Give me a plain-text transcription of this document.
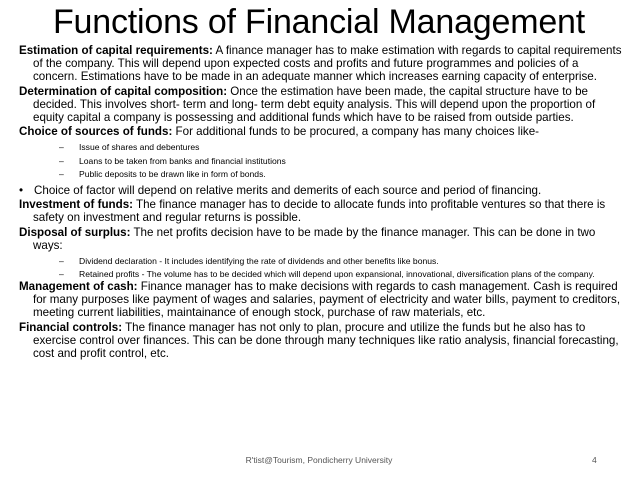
Functions of Financial Management

Estimation of capital requirements: A finance manager has to make estimation with regards to capital requirements of the company. This will depend upon expected costs and profits and future programmes and policies of a concern. Estimations have to be made in an adequate manner which increases earning capacity of enterprise.

Determination of capital composition: Once the estimation have been made, the capital structure have to be decided. This involves short- term and long- term debt equity analysis. This will depend upon the proportion of equity capital a company is possessing and additional funds which have to be raised from outside parties.

Choice of sources of funds: For additional funds to be procured, a company has many choices like-

– Issue of shares and debentures

– Loans to be taken from banks and financial institutions

– Public deposits to be drawn like in form of bonds.

• Choice of factor will depend on relative merits and demerits of each source and period of financing.

Investment of funds: The finance manager has to decide to allocate funds into profitable ventures so that there is safety on investment and regular returns is possible.

Disposal of surplus: The net profits decision have to be made by the finance manager. This can be done in two ways:

– Dividend declaration - It includes identifying the rate of dividends and other benefits like bonus.

– Retained profits - The volume has to be decided which will depend upon expansional, innovational, diversification plans of the company.

Management of cash: Finance manager has to make decisions with regards to cash management. Cash is required for many purposes like payment of wages and salaries, payment of electricity and water bills, payment to creditors, meeting current liabilities, maintainance of enough stock, purchase of raw materials, etc.

Financial controls: The finance manager has not only to plan, procure and utilize the funds but he also has to exercise control over finances. This can be done through many techniques like ratio analysis, financial forecasting, cost and profit control, etc.

R'tist@Tourism, Pondicherry University	4
